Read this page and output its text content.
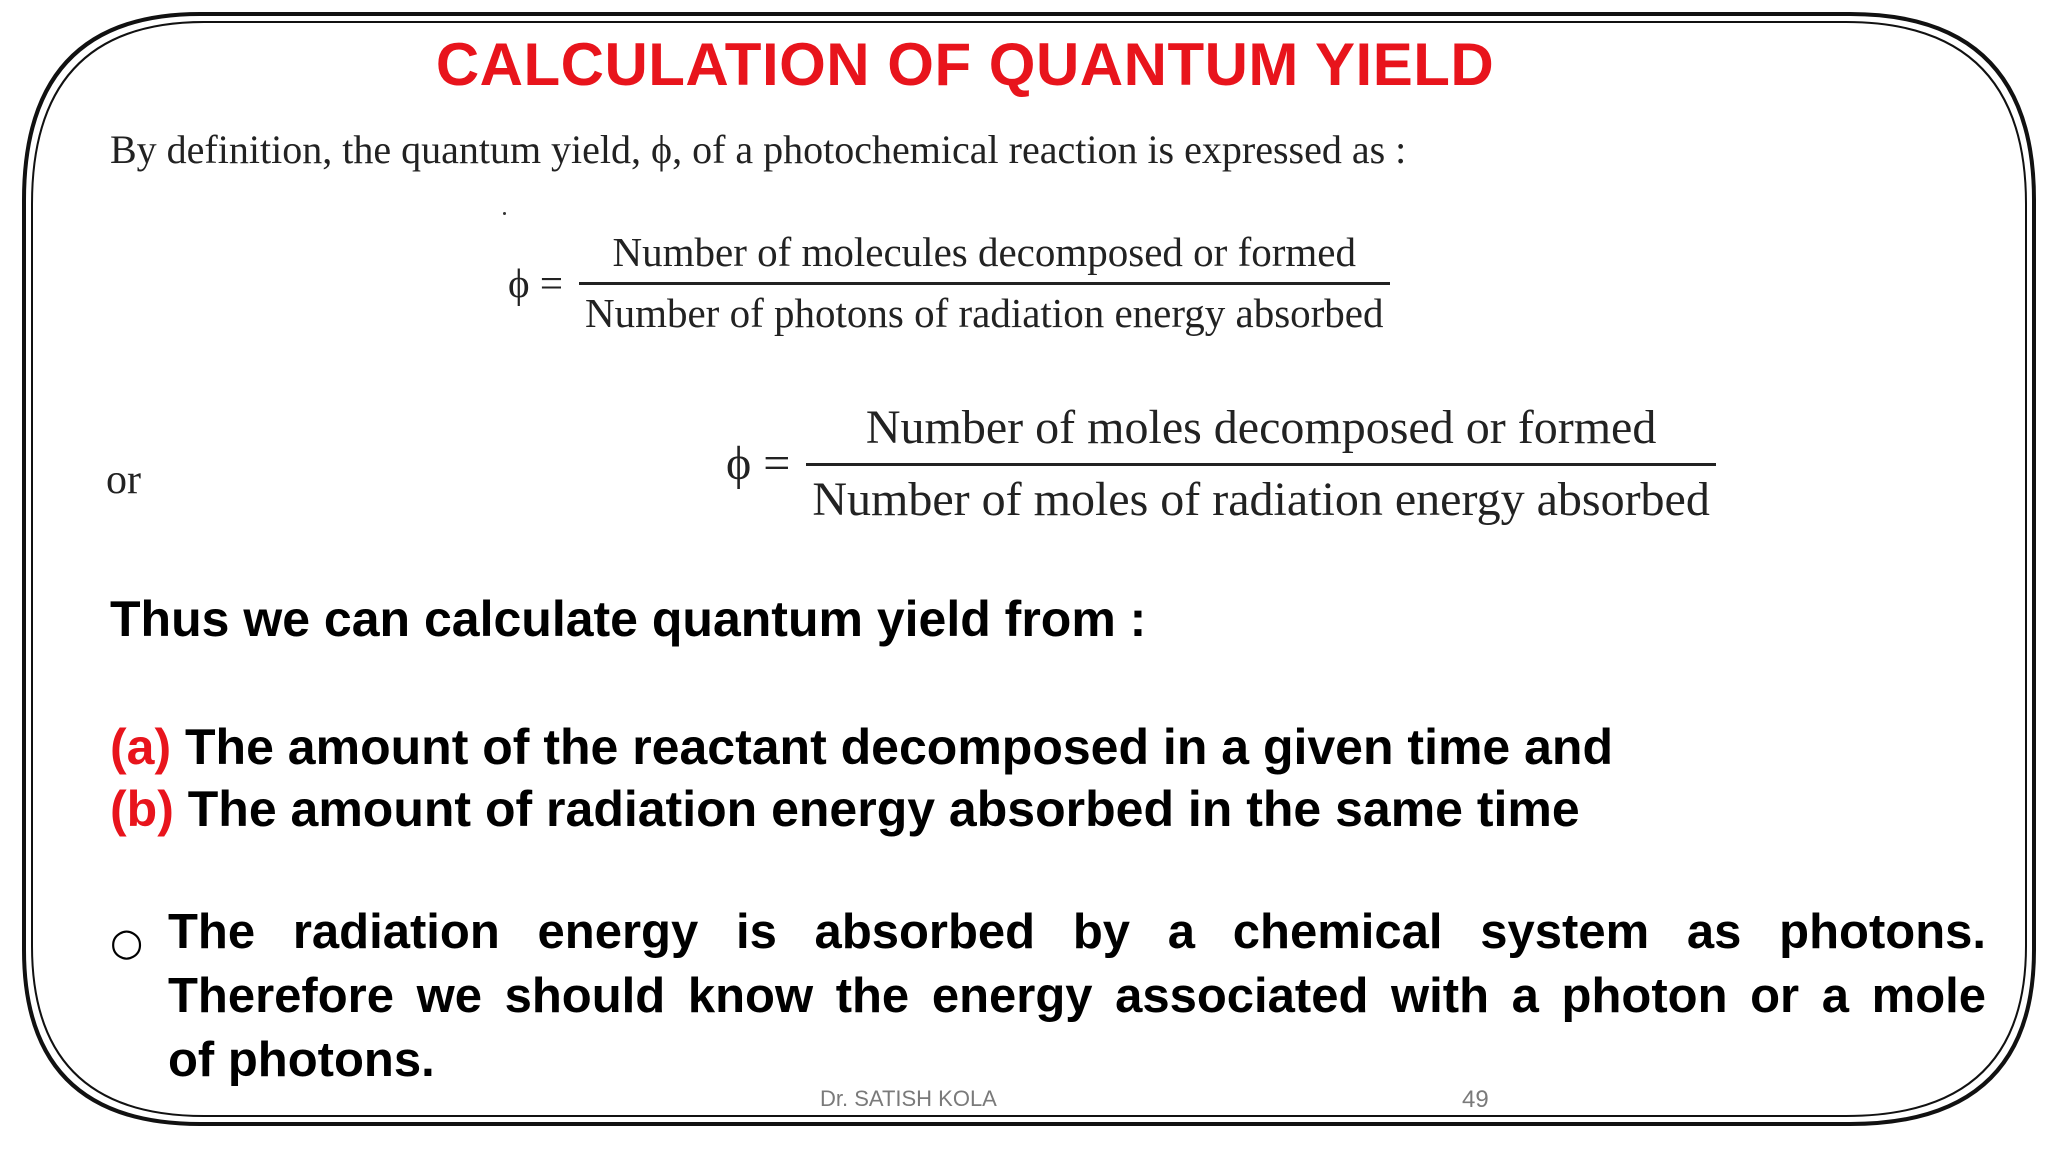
CALCULATION OF QUANTUM YIELD
By definition, the quantum yield, ϕ, of a photochemical reaction is expressed as :
$\phi = \frac{\text{Number of molecules decomposed or formed}}{\text{Number of photons of radiation energy absorbed}}$
or	$\phi = \frac{\text{Number of moles decomposed or formed}}{\text{Number of moles of radiation energy absorbed}}$
Thus we can calculate quantum yield from :
(a) The amount of the reactant decomposed in a given time and
(b) The amount of radiation energy absorbed in the same time
○ The radiation energy is absorbed by a chemical system as photons.
Therefore we should know the energy associated with a photon or a mole
of photons.
Dr. SATISH KOLA	49
